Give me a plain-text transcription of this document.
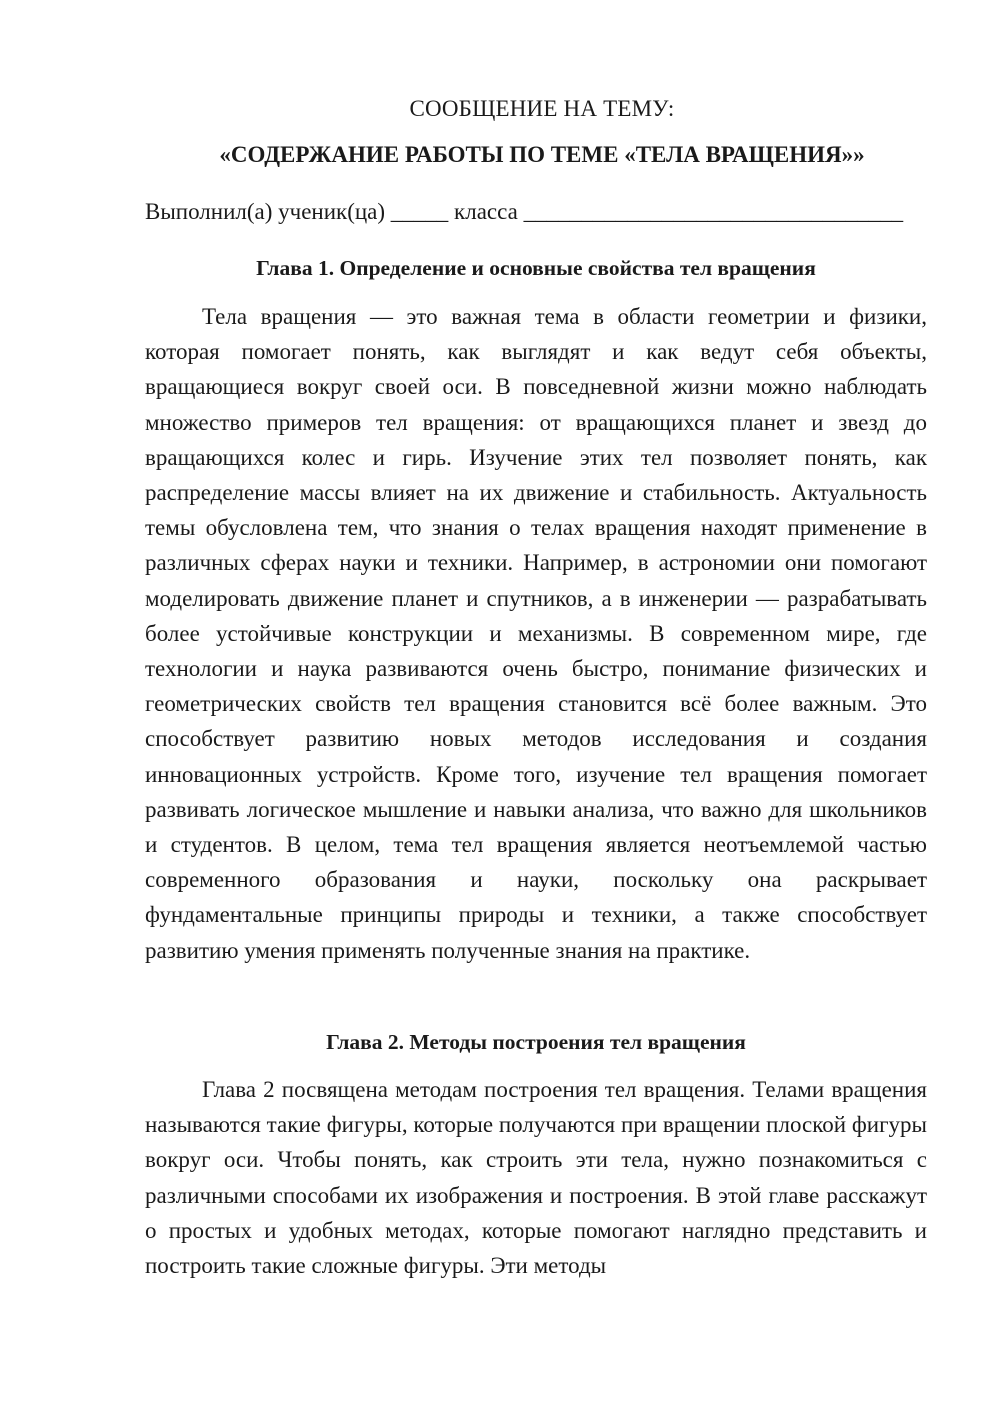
СООБЩЕНИЕ НА ТЕМУ:
«СОДЕРЖАНИЕ РАБОТЫ ПО ТЕМЕ «ТЕЛА ВРАЩЕНИЯ»»
Выполнил(а) ученик(ца) _____ класса _________________________________
Глава 1. Определение и основные свойства тел вращения

Тела вращения — это важная тема в области геометрии и физики, которая помогает понять, как выглядят и как ведут себя объекты, вращающиеся вокруг своей оси. В повседневной жизни можно наблюдать множество примеров тел вращения: от вращающихся планет и звезд до вращающихся колес и гирь. Изучение этих тел позволяет понять, как распределение массы влияет на их движение и стабильность. Актуальность темы обусловлена тем, что знания о телах вращения находят применение в различных сферах науки и техники. Например, в астрономии они помогают моделировать движение планет и спутников, а в инженерии — разрабатывать более устойчивые конструкции и механизмы. В современном мире, где технологии и наука развиваются очень быстро, понимание физических и геометрических свойств тел вращения становится всё более важным. Это способствует развитию новых методов исследования и создания инновационных устройств. Кроме того, изучение тел вращения помогает развивать логическое мышление и навыки анализа, что важно для школьников и студентов. В целом, тема тел вращения является неотъемлемой частью современного образования и науки, поскольку она раскрывает фундаментальные принципы природы и техники, а также способствует развитию умения применять полученные знания на практике.

Глава 2. Методы построения тел вращения

Глава 2 посвящена методам построения тел вращения. Телами вращения называются такие фигуры, которые получаются при вращении плоской фигуры вокруг оси. Чтобы понять, как строить эти тела, нужно познакомиться с различными способами их изображения и построения. В этой главе расскажут о простых и удобных методах, которые помогают наглядно представить и построить такие сложные фигуры. Эти методы
